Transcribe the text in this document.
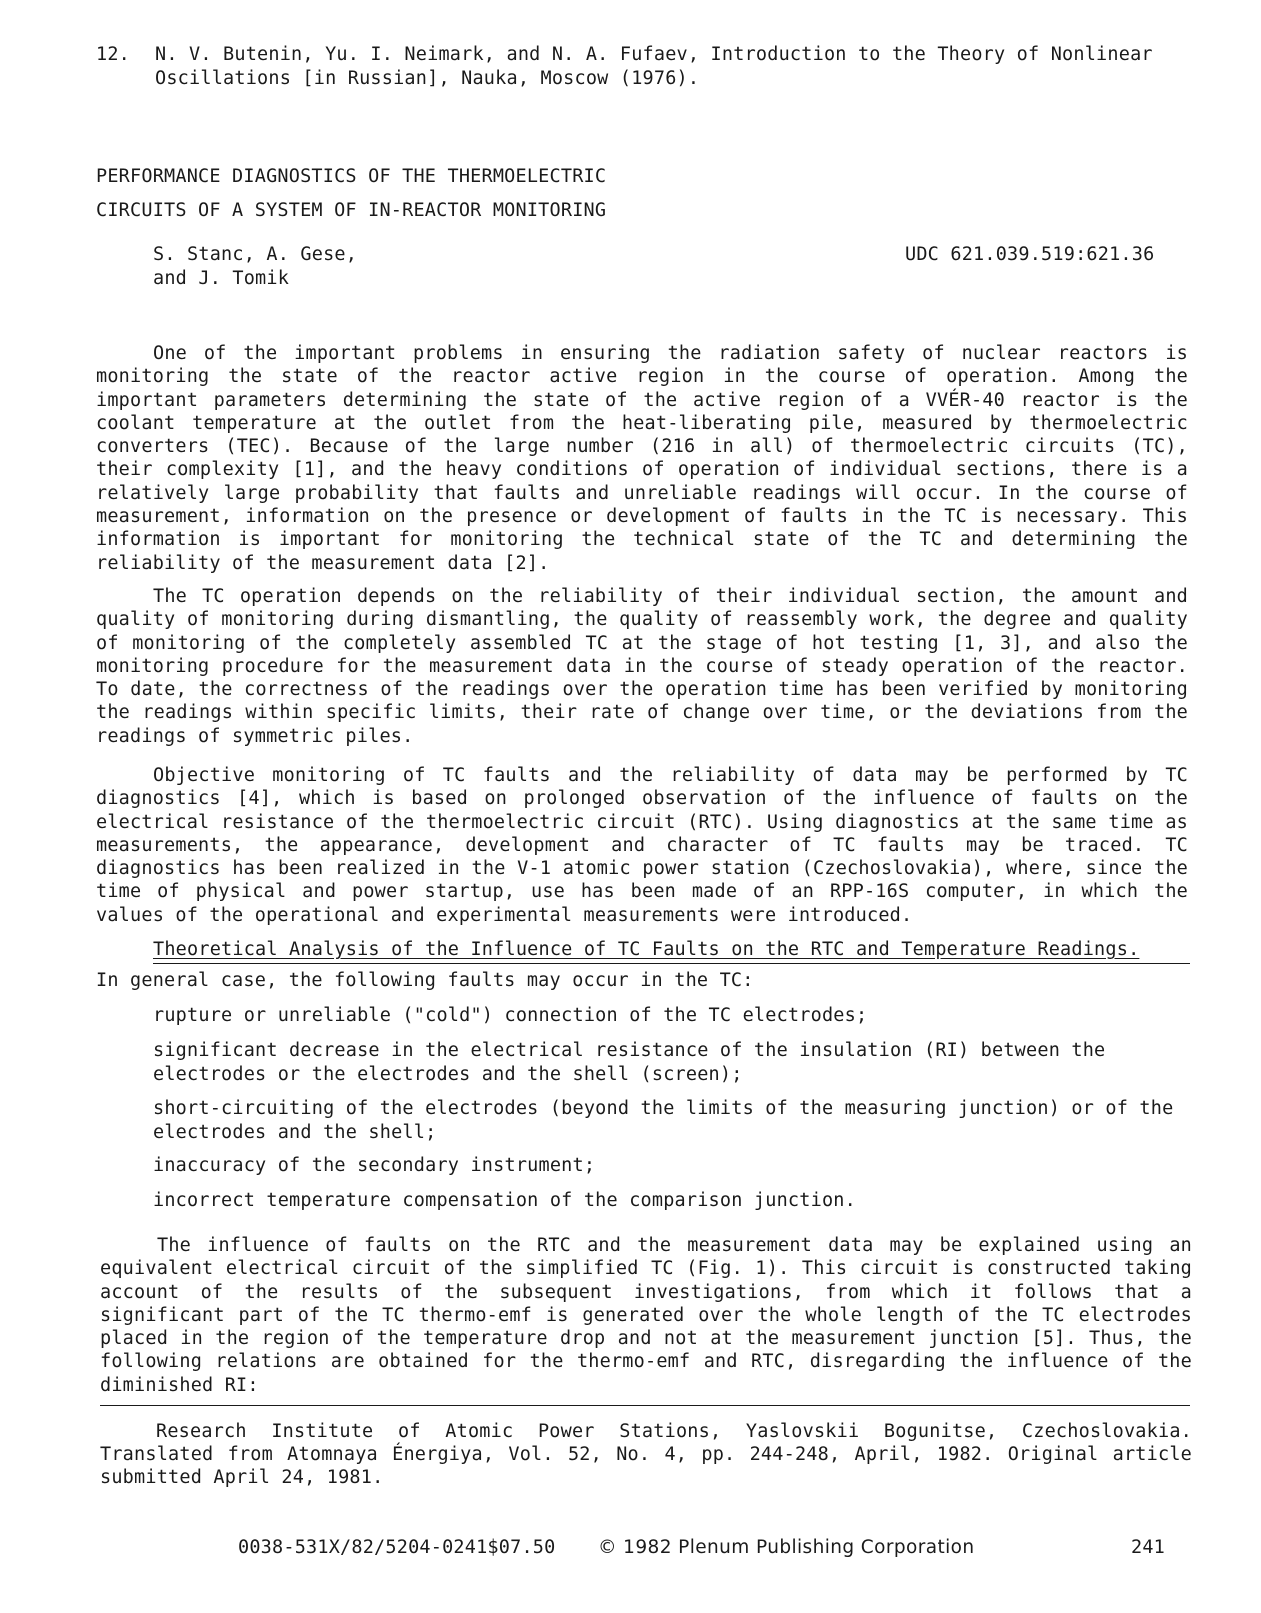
12.	N. V. Butenin, Yu. I. Neimark, and N. A. Fufaev, Introduction to the Theory of Nonlinear Oscillations [in Russian], Nauka, Moscow (1976).
PERFORMANCE DIAGNOSTICS OF THE THERMOELECTRIC
CIRCUITS OF A SYSTEM OF IN-REACTOR MONITORING
S. Stanc, A. Gese,
and J. Tomik
UDC 621.039.519:621.36
One of the important problems in ensuring the radiation safety of nuclear reactors is monitoring the state of the reactor active region in the course of operation. Among the important parameters determining the state of the active region of a VVÉR-40 reactor is the coolant temperature at the outlet from the heat-liberating pile, measured by thermoelectric converters (TEC). Because of the large number (216 in all) of thermoelectric circuits (TC), their complexity [1], and the heavy conditions of operation of individual sections, there is a relatively large probability that faults and unreliable readings will occur. In the course of measurement, information on the presence or development of faults in the TC is necessary. This information is important for monitoring the technical state of the TC and determining the reliability of the measurement data [2].
The TC operation depends on the reliability of their individual section, the amount and quality of monitoring during dismantling, the quality of reassembly work, the degree and quality of monitoring of the completely assembled TC at the stage of hot testing [1, 3], and also the monitoring procedure for the measurement data in the course of steady operation of the reactor. To date, the correctness of the readings over the operation time has been verified by monitoring the readings within specific limits, their rate of change over time, or the deviations from the readings of symmetric piles.
Objective monitoring of TC faults and the reliability of data may be performed by TC diagnostics [4], which is based on prolonged observation of the influence of faults on the electrical resistance of the thermoelectric circuit (RTC). Using diagnostics at the same time as measurements, the appearance, development and character of TC faults may be traced. TC diagnostics has been realized in the V-1 atomic power station (Czechoslovakia), where, since the time of physical and power startup, use has been made of an RPP-16S computer, in which the values of the operational and experimental measurements were introduced.
Theoretical Analysis of the Influence of TC Faults on the RTC and Temperature Readings.
In general case, the following faults may occur in the TC:
rupture or unreliable ("cold") connection of the TC electrodes;
significant decrease in the electrical resistance of the insulation (RI) between the electrodes or the electrodes and the shell (screen);
short-circuiting of the electrodes (beyond the limits of the measuring junction) or of the electrodes and the shell;
inaccuracy of the secondary instrument;
incorrect temperature compensation of the comparison junction.
The influence of faults on the RTC and the measurement data may be explained using an equivalent electrical circuit of the simplified TC (Fig. 1). This circuit is constructed taking account of the results of the subsequent investigations, from which it follows that a significant part of the TC thermo-emf is generated over the whole length of the TC electrodes placed in the region of the temperature drop and not at the measurement junction [5]. Thus, the following relations are obtained for the thermo-emf and RTC, disregarding the influence of the diminished RI:
Research Institute of Atomic Power Stations, Yaslovskii Bogunitse, Czechoslovakia. Translated from Atomnaya Énergiya, Vol. 52, No. 4, pp. 244-248, April, 1982. Original article submitted April 24, 1981.
0038-531X/82/5204-0241$07.50 © 1982 Plenum Publishing Corporation	241
